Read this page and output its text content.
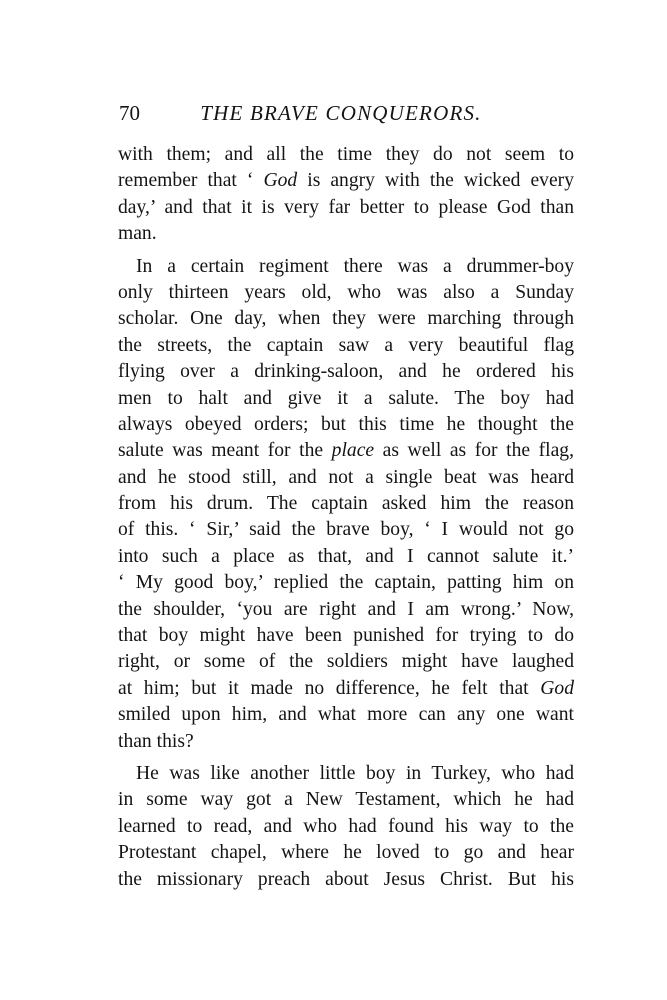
70	THE BRAVE CONQUERORS.
with them; and all the time they do not seem to
remember that ‘ God is angry with the wicked every
day,’ and that it is very far better to please God than
man.
In a certain regiment there was a drummer-boy
only thirteen years old, who was also a Sunday
scholar. One day, when they were marching through
the streets, the captain saw a very beautiful flag
flying over a drinking-saloon, and he ordered his
men to halt and give it a salute. The boy had
always obeyed orders; but this time he thought the
salute was meant for the place as well as for the flag,
and he stood still, and not a single beat was heard
from his drum. The captain asked him the reason
of this. ‘ Sir,’ said the brave boy, ‘ I would not go
into such a place as that, and I cannot salute it.’
‘ My good boy,’ replied the captain, patting him on
the shoulder, ‘you are right and I am wrong.’ Now,
that boy might have been punished for trying to do
right, or some of the soldiers might have laughed
at him; but it made no difference, he felt that God
smiled upon him, and what more can any one want
than this?
He was like another little boy in Turkey, who had
in some way got a New Testament, which he had
learned to read, and who had found his way to the
Protestant chapel, where he loved to go and hear
the missionary preach about Jesus Christ. But his
